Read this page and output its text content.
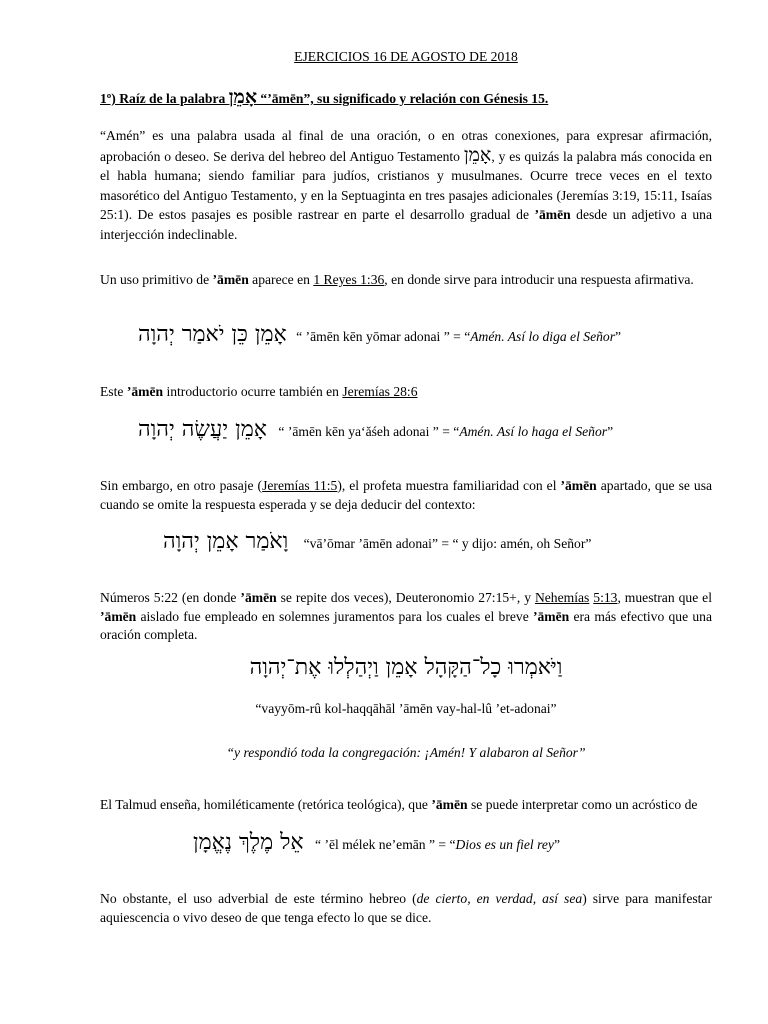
EJERCICIOS 16 DE AGOSTO DE 2018
1º) Raíz de la palabra אָמֵן “’āmēn”, su significado y relación con Génesis 15.
“Amén” es una palabra usada al final de una oración, o en otras conexiones, para expresar afirmación, aprobación o deseo. Se deriva del hebreo del Antiguo Testamento אָמֵן, y es quizás la palabra más conocida en el habla humana; siendo familiar para judíos, cristianos y musulmanes. Ocurre trece veces en el texto masorético del Antiguo Testamento, y en la Septuaginta en tres pasajes adicionales (Jeremías 3:19, 15:11, Isaías 25:1). De estos pasajes es posible rastrear en parte el desarrollo gradual de ’āmēn desde un adjetivo a una interjección indeclinable.
Un uso primitivo de ’āmēn aparece en 1 Reyes 1:36, en donde sirve para introducir una respuesta afirmativa.
אָמֵן כֵּן יֹאמַר יְהוָה “ ’āmēn kēn yōmar adonai ” = “Amén. Así lo diga el Señor”
Este ’āmēn introductorio ocurre también en Jeremías 28:6
אָמֵן יַעֲשֶׂה יְהוָה “ ’āmēn kēn ya‘ăśeh adonai ” = “Amén. Así lo haga el Señor”
Sin embargo, en otro pasaje (Jeremías 11:5), el profeta muestra familiaridad con el ’āmēn apartado, que se usa cuando se omite la respuesta esperada y se deja deducir del contexto:
וָאֹמַר אָמֵן יְהוָה “vā’ōmar ’āmēn adonai” = “ y dijo: amén, oh Señor”
Números 5:22 (en donde ’āmēn se repite dos veces), Deuteronomio 27:15+, y Nehemías 5:13, muestran que el ’āmēn aislado fue empleado en solemnes juramentos para los cuales el breve ’āmēn era más efectivo que una oración completa.
וַיֹּאמְרוּ כָל־הַקָּהָל אָמֵן וַיְהַלְלוּ אֶת־יְהוָה
“vayyōm-rû kol-haqqāhāl ’āmēn vay-hal-lû ’et-adonai”
“y respondió toda la congregación: ¡Amén! Y alabaron al Señor”
El Talmud enseña, homiléticamente (retórica teológica), que ’āmēn se puede interpretar como un acróstico de
אֵל מֶלֶךְ נֶאֱמָן “ ’ēl mélek ne’emān ” = “Dios es un fiel rey”
No obstante, el uso adverbial de este término hebreo (de cierto, en verdad, así sea) sirve para manifestar aquiescencia o vivo deseo de que tenga efecto lo que se dice.
